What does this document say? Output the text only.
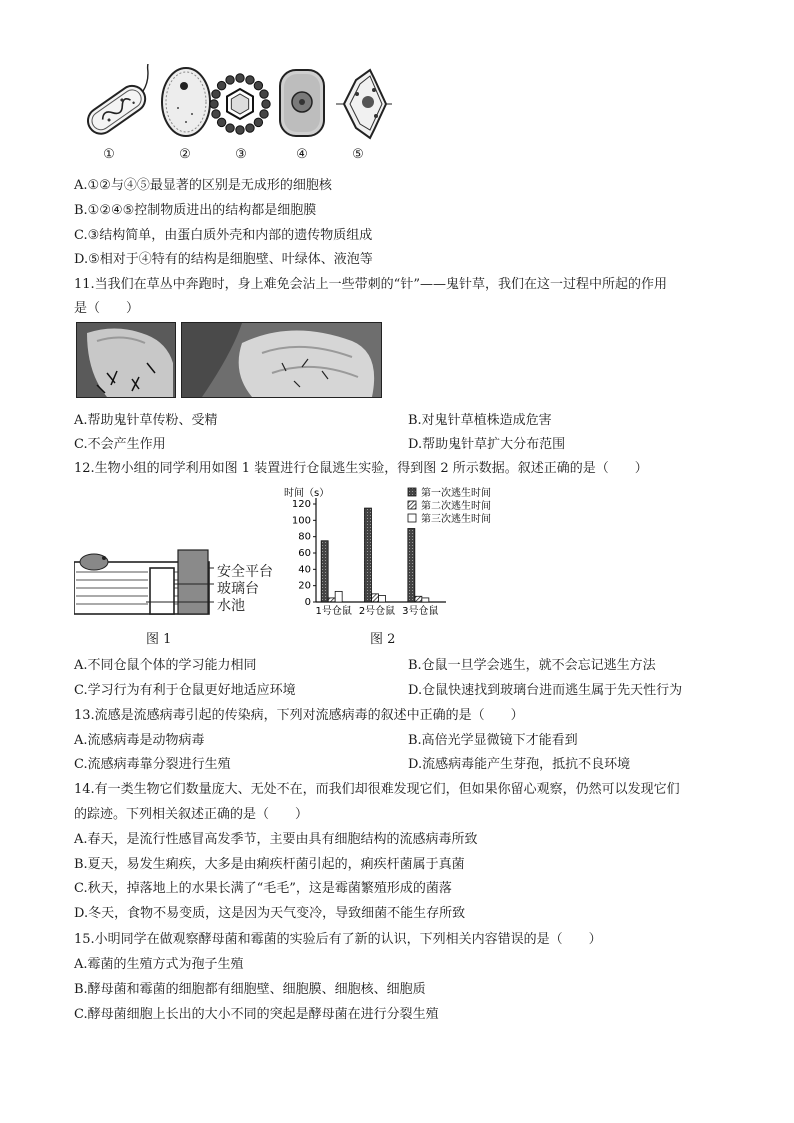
①	②	③	④	⑤
A.①②与④⑤最显著的区别是无成形的细胞核
B.①②④⑤控制物质进出的结构都是细胞膜
C.③结构简单，由蛋白质外壳和内部的遗传物质组成
D.⑤相对于④特有的结构是细胞壁、叶绿体、液泡等
11.当我们在草丛中奔跑时，身上难免会沾上一些带刺的“针”——鬼针草，我们在这一过程中所起的作用
是（　　）
A.帮助鬼针草传粉、受精	B.对鬼针草植株造成危害
C.不会产生作用	D.帮助鬼针草扩大分布范围
12.生物小组的同学利用如图 1 装置进行仓鼠逃生实验，得到图 2 所示数据。叙述正确的是（　　）
安全平台
玻璃台
水池
图 1
时间（s）
0
20
40
60
80
100
120
1号仓鼠 2号仓鼠 3号仓鼠
第一次逃生时间
第二次逃生时间
第三次逃生时间
图 2
A.不同仓鼠个体的学习能力相同	B.仓鼠一旦学会逃生，就不会忘记逃生方法
C.学习行为有利于仓鼠更好地适应环境	D.仓鼠快速找到玻璃台进而逃生属于先天性行为
13.流感是流感病毒引起的传染病，下列对流感病毒的叙述中正确的是（　　）
A.流感病毒是动物病毒	B.高倍光学显微镜下才能看到
C.流感病毒靠分裂进行生殖	D.流感病毒能产生芽孢，抵抗不良环境
14.有一类生物它们数量庞大、无处不在，而我们却很难发现它们，但如果你留心观察，仍然可以发现它们
的踪迹。下列相关叙述正确的是（　　）
A.春天，是流行性感冒高发季节，主要由具有细胞结构的流感病毒所致
B.夏天，易发生痢疾，大多是由痢疾杆菌引起的，痢疾杆菌属于真菌
C.秋天，掉落地上的水果长满了“毛毛”，这是霉菌繁殖形成的菌落
D.冬天，食物不易变质，这是因为天气变冷，导致细菌不能生存所致
15.小明同学在做观察酵母菌和霉菌的实验后有了新的认识，下列相关内容错误的是（　　）
A.霉菌的生殖方式为孢子生殖
B.酵母菌和霉菌的细胞都有细胞壁、细胞膜、细胞核、细胞质
C.酵母菌细胞上长出的大小不同的突起是酵母菌在进行分裂生殖
